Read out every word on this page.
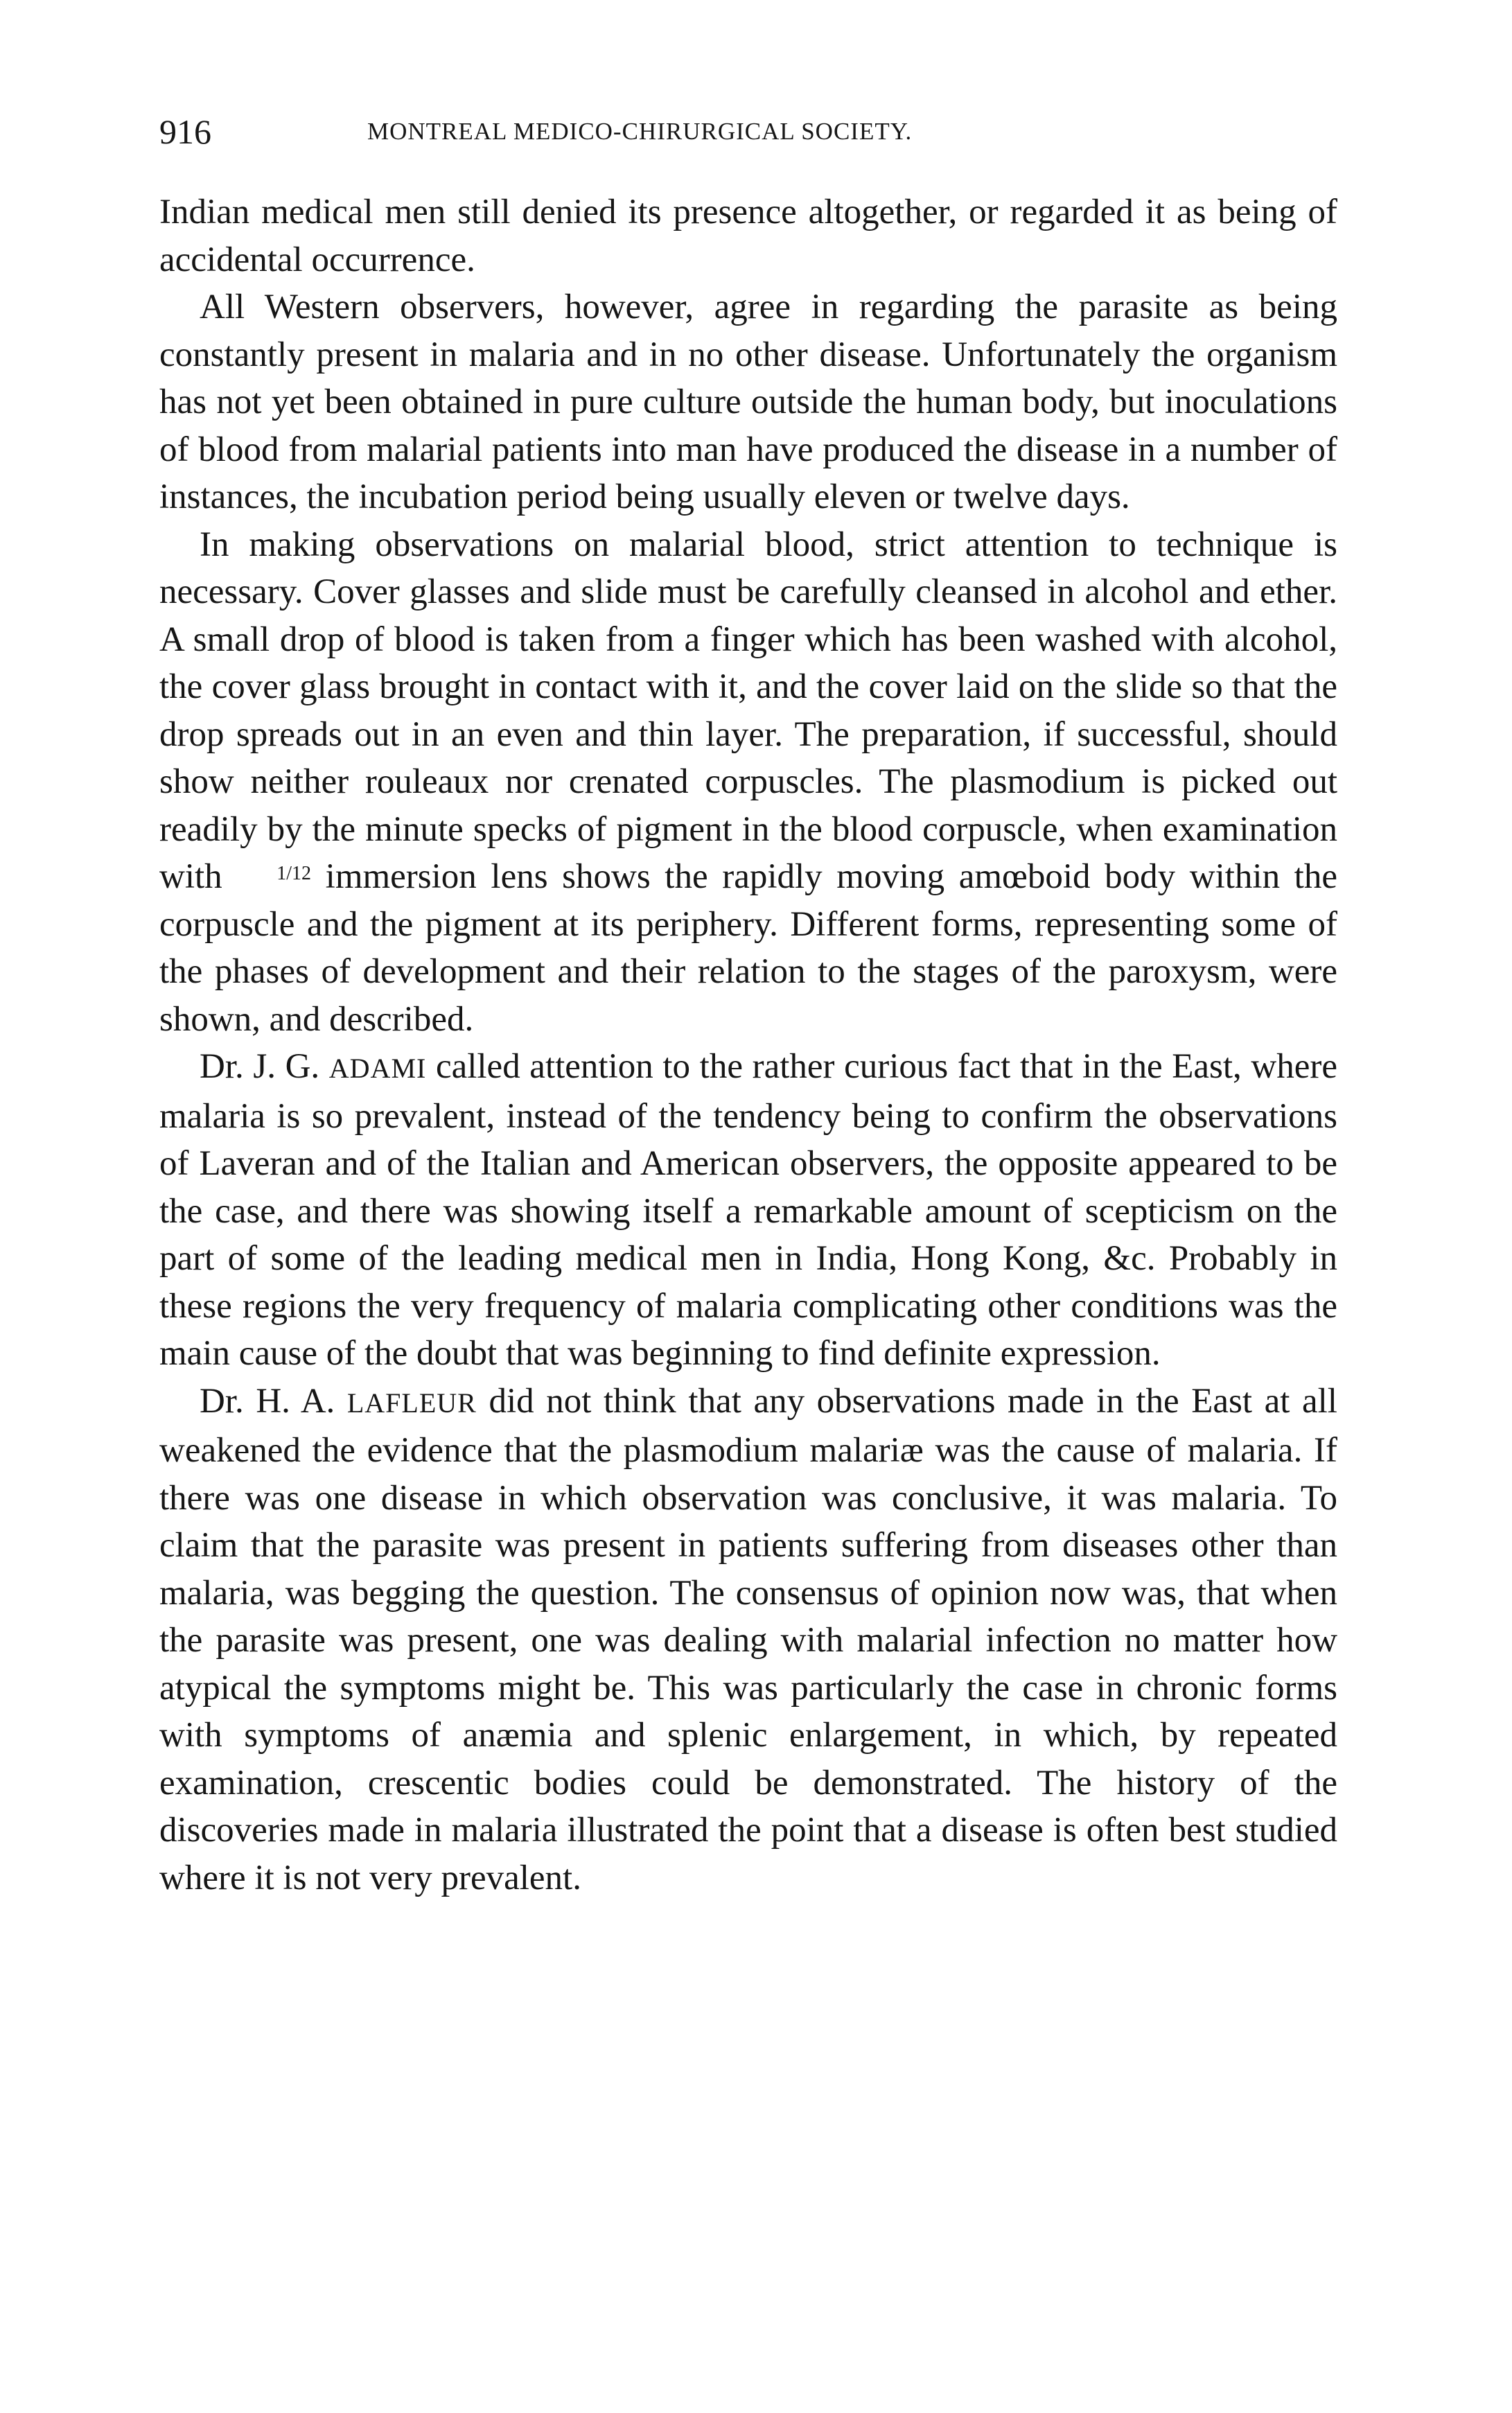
916	MONTREAL MEDICO-CHIRURGICAL SOCIETY.

Indian medical men still denied its presence altogether, or regarded it as being of accidental occurrence.

All Western observers, however, agree in regarding the parasite as being constantly present in malaria and in no other disease. Unfortunately the organism has not yet been obtained in pure culture outside the human body, but inoculations of blood from malarial patients into man have produced the disease in a number of instances, the incubation period being usually eleven or twelve days.

In making observations on malarial blood, strict attention to technique is necessary. Cover glasses and slide must be carefully cleansed in alcohol and ether. A small drop of blood is taken from a finger which has been washed with alcohol, the cover glass brought in contact with it, and the cover laid on the slide so that the drop spreads out in an even and thin layer. The preparation, if successful, should show neither rouleaux nor crenated corpuscles. The plasmodium is picked out readily by the minute specks of pigment in the blood corpuscle, when examination with 1/12 immersion lens shows the rapidly moving amœboid body within the corpuscle and the pigment at its periphery. Different forms, representing some of the phases of development and their relation to the stages of the paroxysm, were shown, and described.

Dr. J. G. ADAMI called attention to the rather curious fact that in the East, where malaria is so prevalent, instead of the tendency being to confirm the observations of Laveran and of the Italian and American observers, the opposite appeared to be the case, and there was showing itself a remarkable amount of scepticism on the part of some of the leading medical men in India, Hong Kong, &c. Probably in these regions the very frequency of malaria complicating other conditions was the main cause of the doubt that was beginning to find definite expression.

Dr. H. A. LAFLEUR did not think that any observations made in the East at all weakened the evidence that the plasmodium malariæ was the cause of malaria. If there was one disease in which observation was conclusive, it was malaria. To claim that the parasite was present in patients suffering from diseases other than malaria, was begging the question. The consensus of opinion now was, that when the parasite was present, one was dealing with malarial infection no matter how atypical the symptoms might be. This was particularly the case in chronic forms with symptoms of anæmia and splenic enlargement, in which, by repeated examination, crescentic bodies could be demonstrated. The history of the discoveries made in malaria illustrated the point that a disease is often best studied where it is not very prevalent.
